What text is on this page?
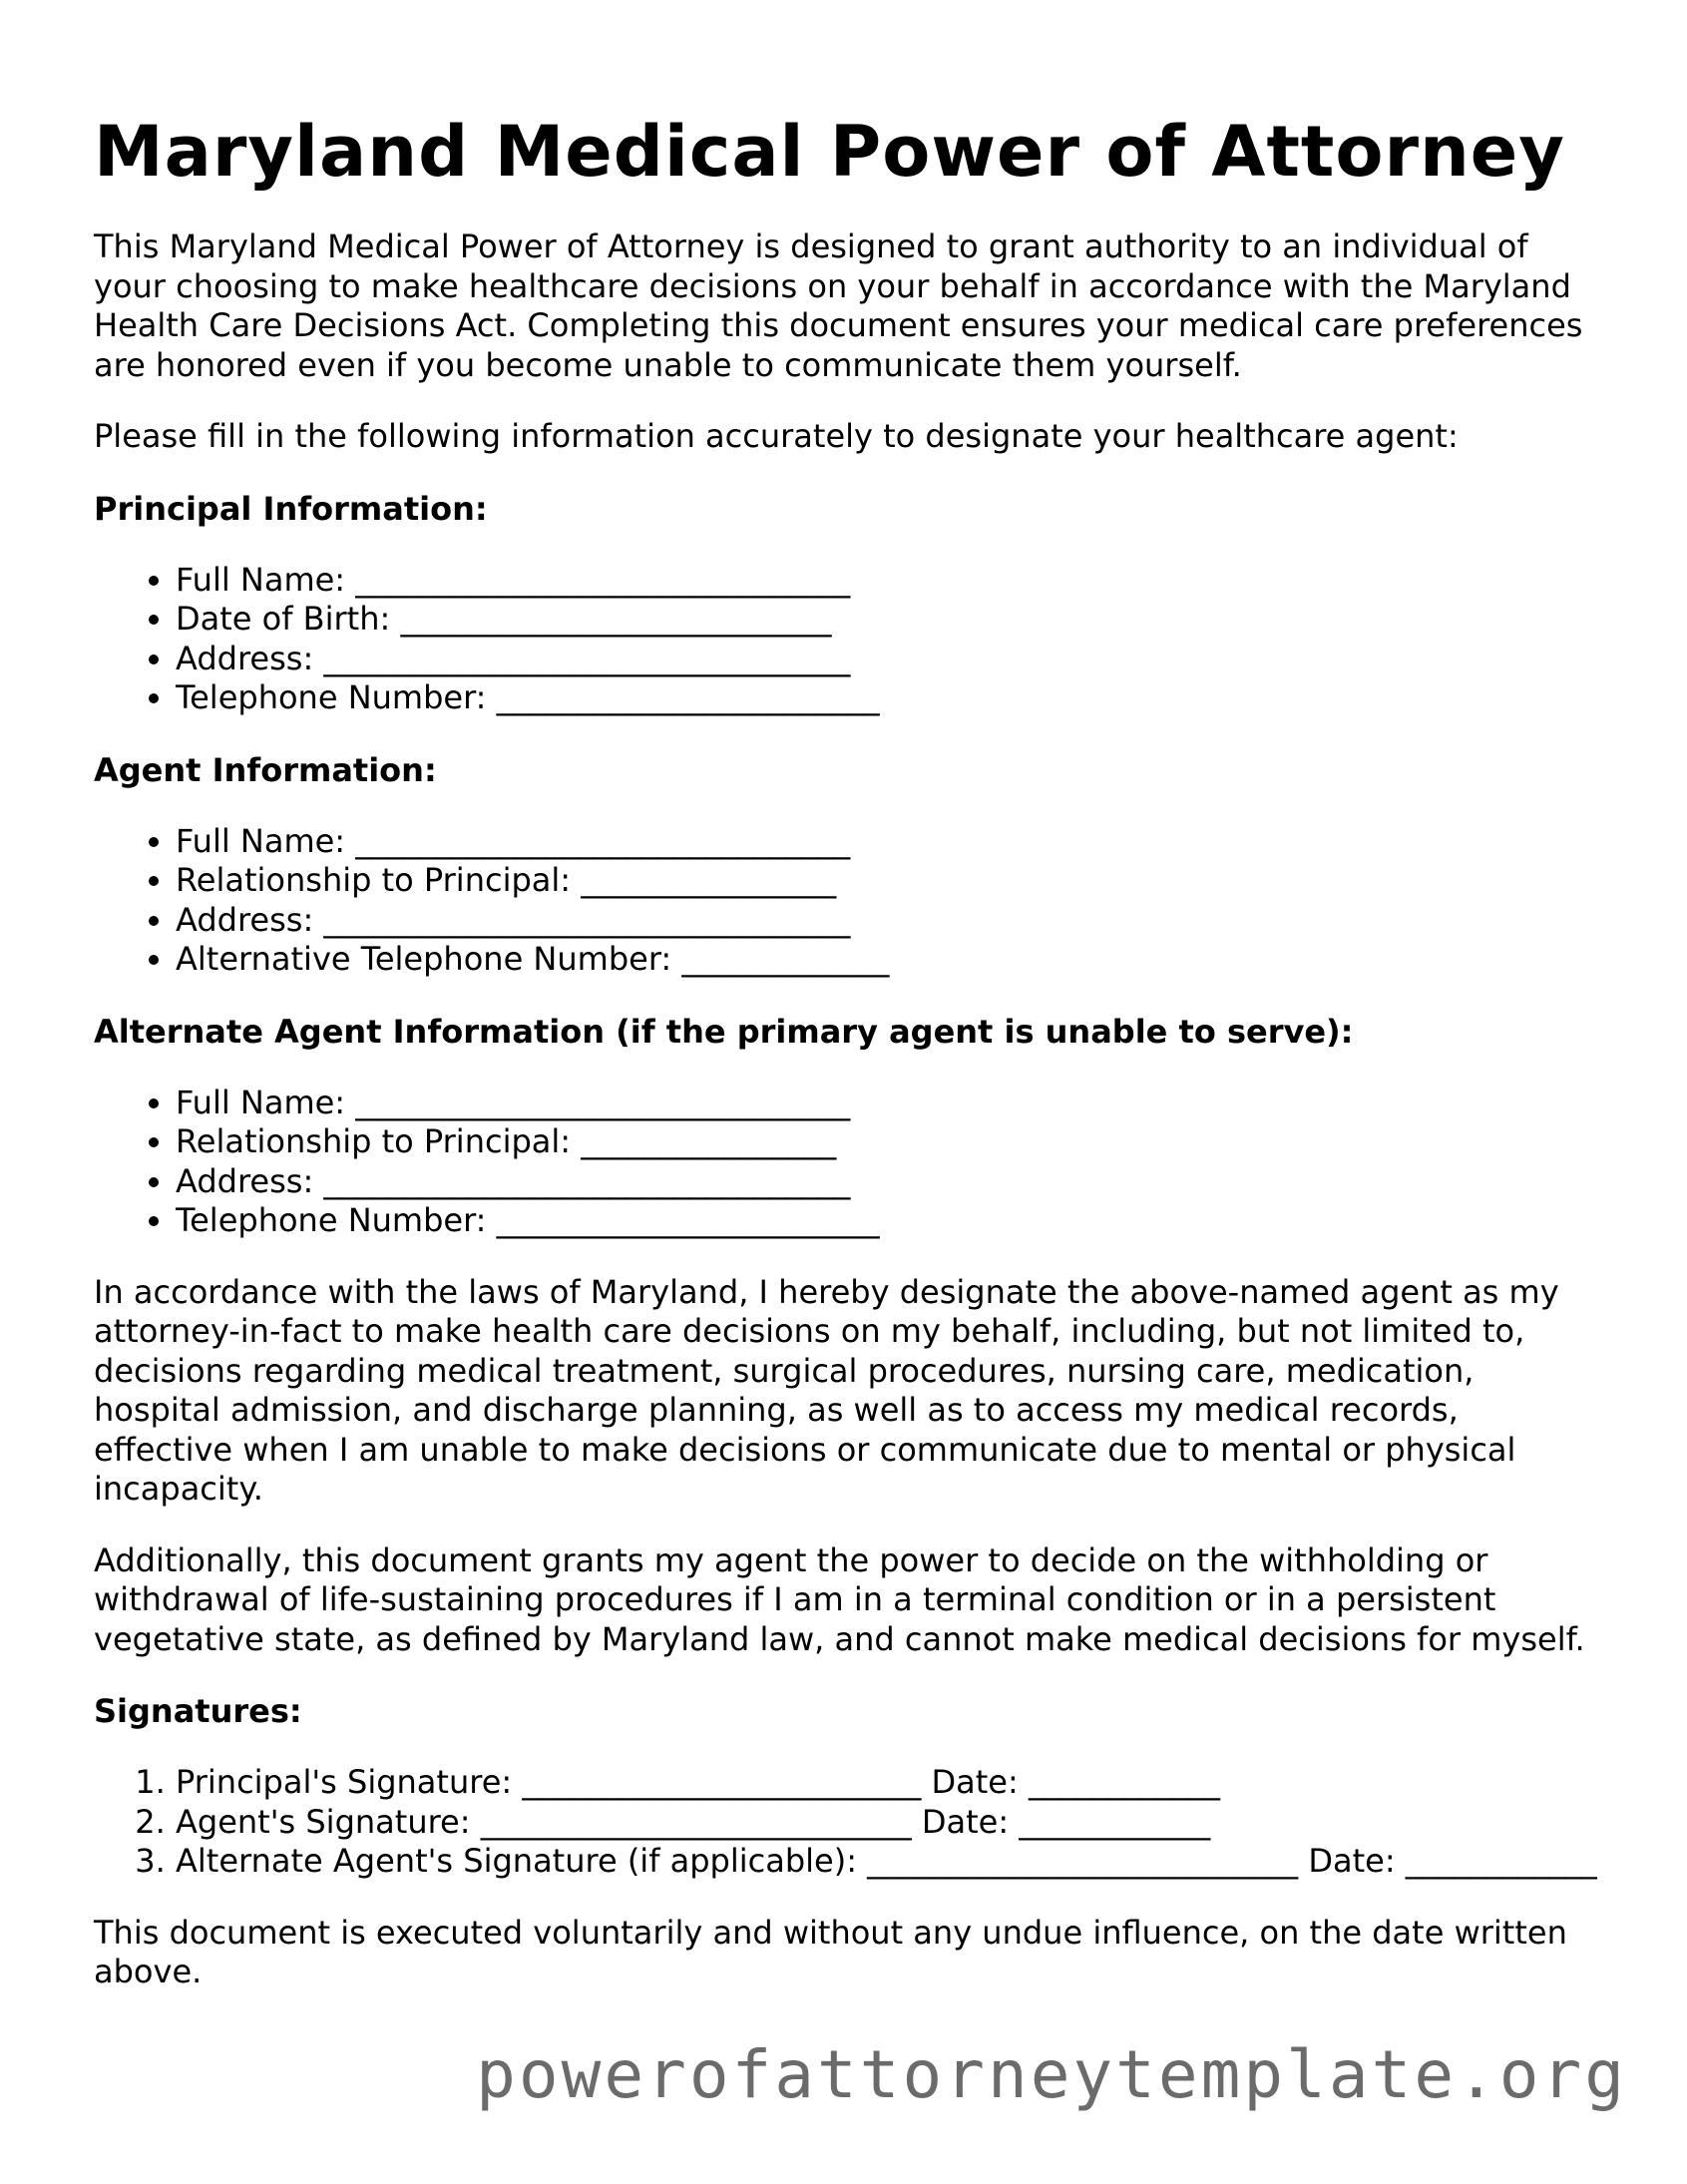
Maryland Medical Power of Attorney

This Maryland Medical Power of Attorney is designed to grant authority to an individual of your choosing to make healthcare decisions on your behalf in accordance with the Maryland Health Care Decisions Act. Completing this document ensures your medical care preferences are honored even if you become unable to communicate them yourself.

Please fill in the following information accurately to designate your healthcare agent:

Principal Information:
• Full Name: _______________________________
• Date of Birth: ___________________________
• Address: _________________________________
• Telephone Number: ________________________
Agent Information:
• Full Name: _______________________________
• Relationship to Principal: ________________
• Address: _________________________________
• Alternative Telephone Number: _____________
Alternate Agent Information (if the primary agent is unable to serve):
• Full Name: _______________________________
• Relationship to Principal: ________________
• Address: _________________________________
• Telephone Number: ________________________

In accordance with the laws of Maryland, I hereby designate the above-named agent as my attorney-in-fact to make health care decisions on my behalf, including, but not limited to, decisions regarding medical treatment, surgical procedures, nursing care, medication, hospital admission, and discharge planning, as well as to access my medical records, effective when I am unable to make decisions or communicate due to mental or physical incapacity.

Additionally, this document grants my agent the power to decide on the withholding or withdrawal of life-sustaining procedures if I am in a terminal condition or in a persistent vegetative state, as defined by Maryland law, and cannot make medical decisions for myself.

Signatures:
1. Principal's Signature: _________________________ Date: ____________
2. Agent's Signature: ___________________________ Date: ____________
3. Alternate Agent's Signature (if applicable): ___________________________ Date: ____________

This document is executed voluntarily and without any undue influence, on the date written above.

powerofattorneytemplate.org
